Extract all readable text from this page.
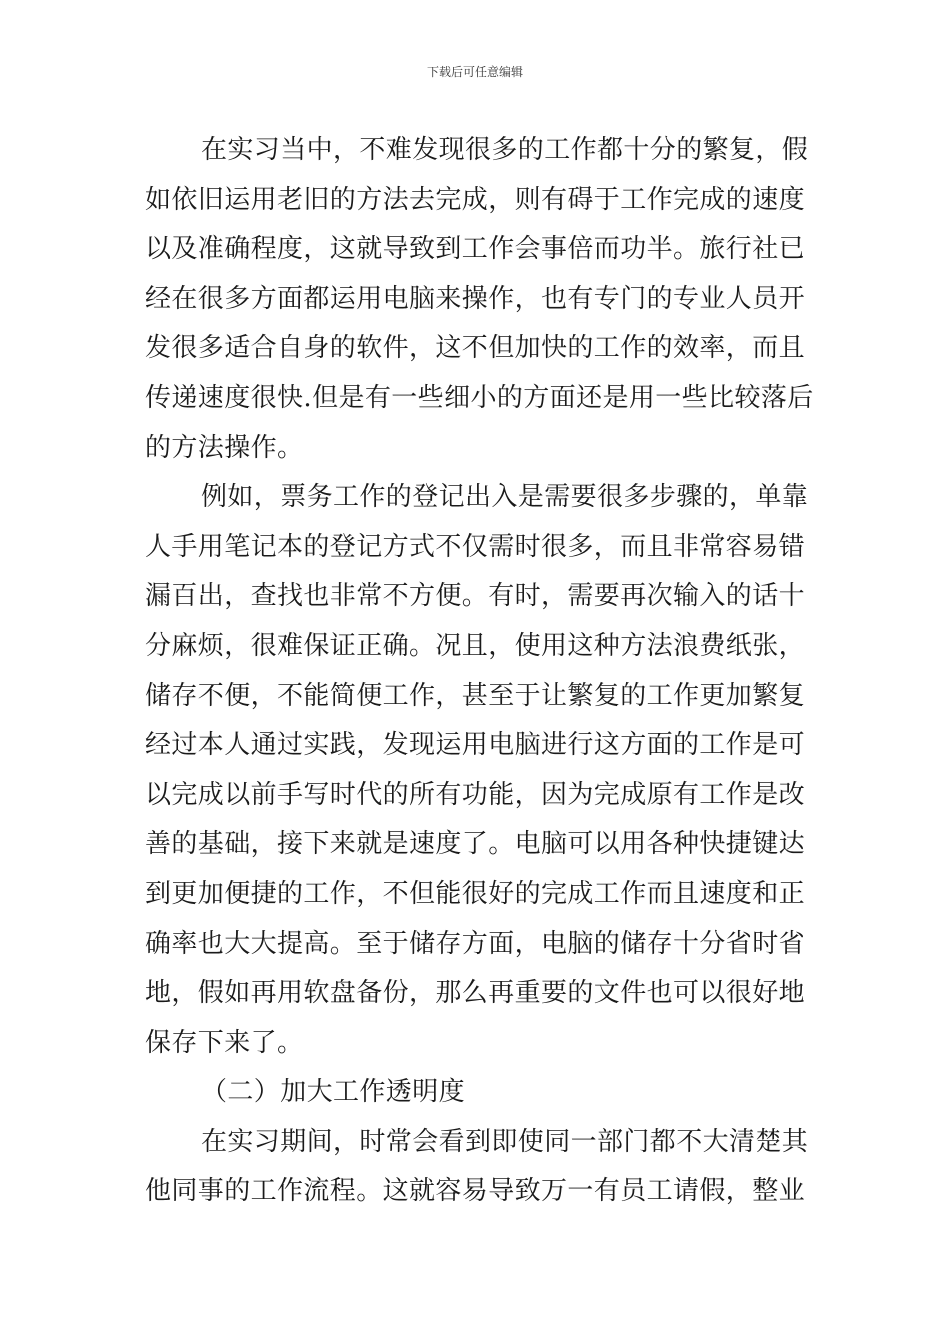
下载后可任意编辑
在实习当中，不难发现很多的工作都十分的繁复，假
如依旧运用老旧的方法去完成，则有碍于工作完成的速度
以及准确程度，这就导致到工作会事倍而功半。旅行社已
经在很多方面都运用电脑来操作，也有专门的专业人员开
发很多适合自身的软件，这不但加快的工作的效率，而且
传递速度很快.但是有一些细小的方面还是用一些比较落后
的方法操作。
例如，票务工作的登记出入是需要很多步骤的，单靠
人手用笔记本的登记方式不仅需时很多，而且非常容易错
漏百出，查找也非常不方便。有时，需要再次输入的话十
分麻烦，很难保证正确。况且，使用这种方法浪费纸张，
储存不便，不能简便工作，甚至于让繁复的工作更加繁复
经过本人通过实践，发现运用电脑进行这方面的工作是可
以完成以前手写时代的所有功能，因为完成原有工作是改
善的基础，接下来就是速度了。电脑可以用各种快捷键达
到更加便捷的工作，不但能很好的完成工作而且速度和正
确率也大大提高。至于储存方面，电脑的储存十分省时省
地，假如再用软盘备份，那么再重要的文件也可以很好地
保存下来了。
（二）加大工作透明度
在实习期间，时常会看到即使同一部门都不大清楚其
他同事的工作流程。这就容易导致万一有员工请假，整业
